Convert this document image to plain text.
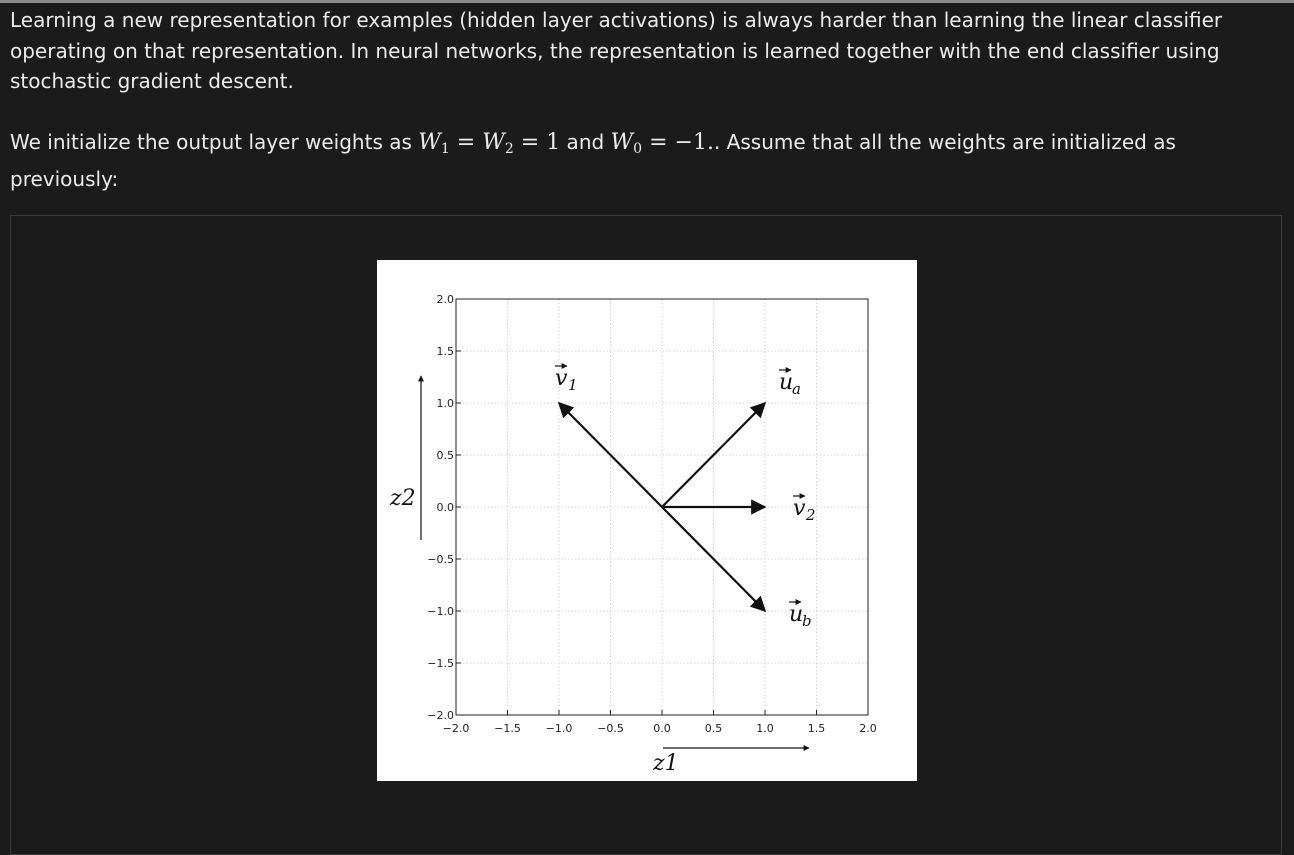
Learning a new representation for examples (hidden layer activations) is always harder than learning the linear classifier operating on that representation. In neural networks, the representation is learned together with the end classifier using stochastic gradient descent.

We initialize the output layer weights as $W_1 = W_2 = 1$ and $W_0 = -1$.. Assume that all the weights are initialized as previously:

−2.0 −1.5 −1.0 −0.5	0.0	0.5	1.0	1.5	2.0
2.0
1.5
1.0
0.5
0.0
−0.5
−1.0
−1.5
−2.0
v 1	u
a
v 2
u
b
z2
z1
